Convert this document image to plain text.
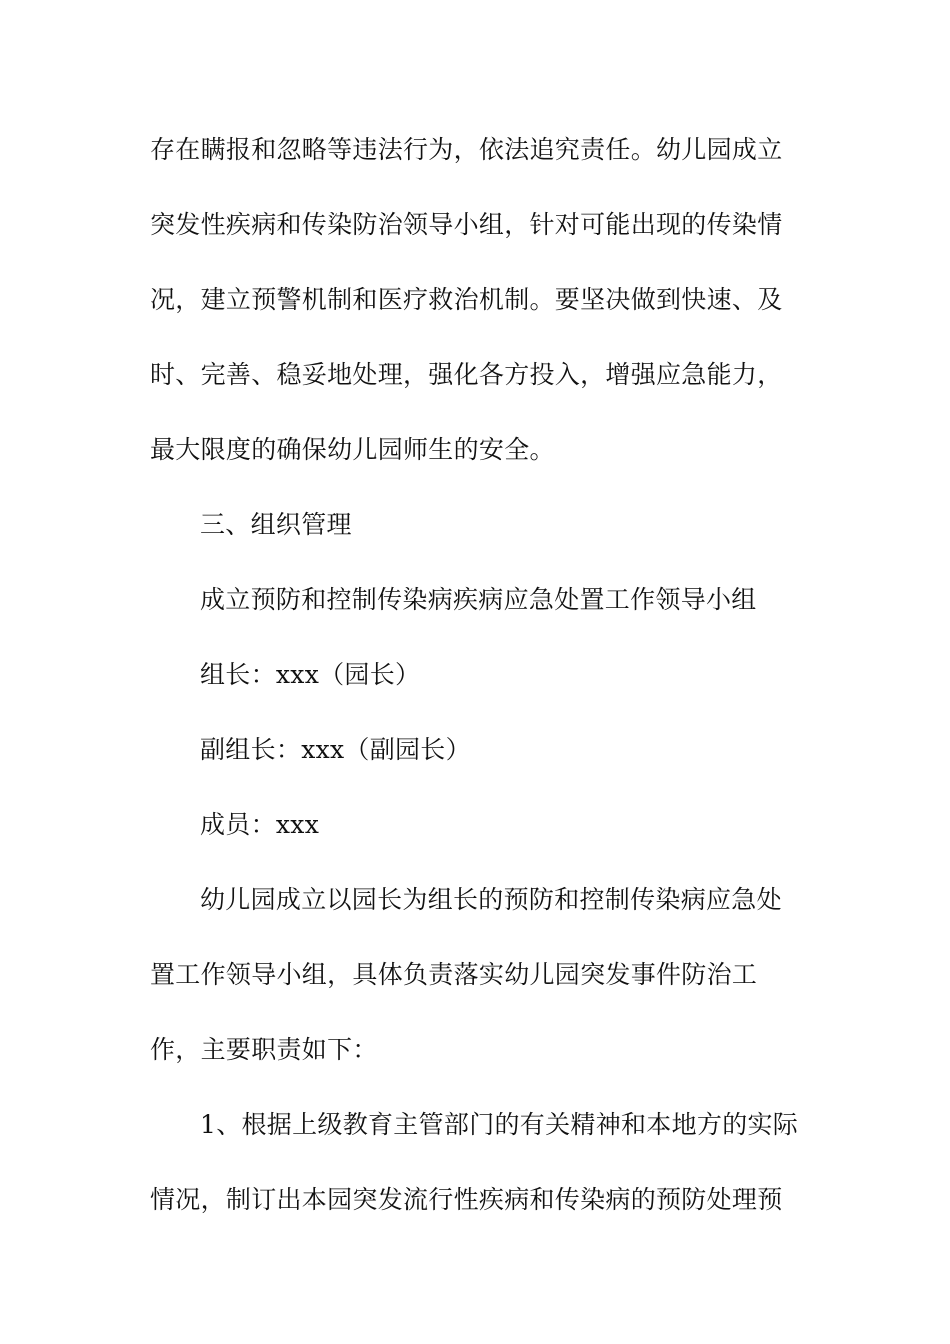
存在瞒报和忽略等违法行为，依法追究责任。幼儿园成立

突发性疾病和传染防治领导小组，针对可能出现的传染情

况，建立预警机制和医疗救治机制。要坚决做到快速、及

时、完善、稳妥地处理，强化各方投入，增强应急能力，

最大限度的确保幼儿园师生的安全。

三、组织管理

成立预防和控制传染病疾病应急处置工作领导小组

组长：xxx（园长）

副组长：xxx（副园长）

成员：xxx

幼儿园成立以园长为组长的预防和控制传染病应急处

置工作领导小组，具体负责落实幼儿园突发事件防治工

作，主要职责如下：

1、根据上级教育主管部门的有关精神和本地方的实际

情况，制订出本园突发流行性疾病和传染病的预防处理预
